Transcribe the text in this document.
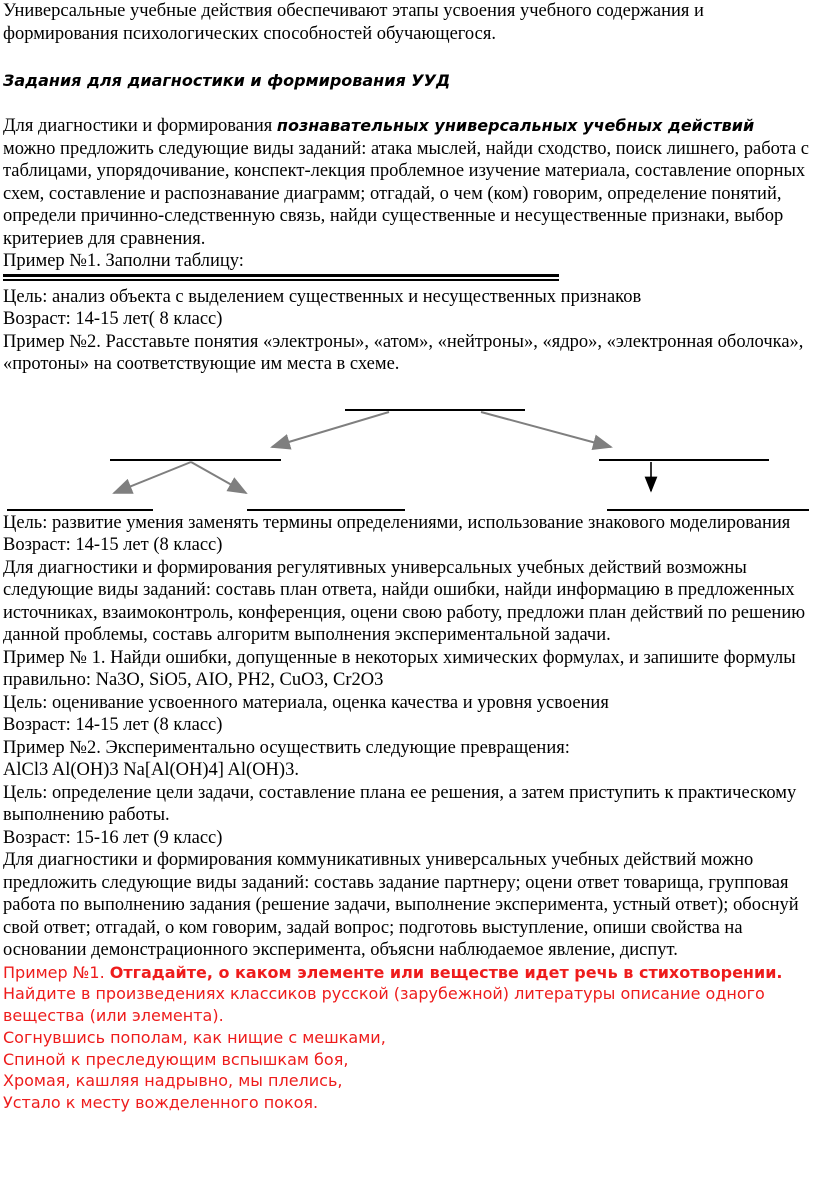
Универсальные учебные действия обеспечивают этапы усвоения учебного содержания и формирования психологических способностей обучающегося.

Задания для диагностики и формирования УУД

Для диагностики и формирования познавательных универсальных учебных действий можно предложить следующие виды заданий: атака мыслей, найди сходство, поиск лишнего, работа с таблицами, упорядочивание, конспект-лекция проблемное изучение материала, составление опорных схем, составление и распознавание диаграмм; отгадай, о чем (ком) говорим, определение понятий, определи причинно-следственную связь, найди существенные и несущественные признаки, выбор критериев для сравнения.

Пример №1. Заполни таблицу:

Цель: анализ объекта с выделением существенных и несущественных признаков

Возраст: 14-15 лет( 8 класс)

Пример №2. Расставьте понятия «электроны», «атом», «нейтроны», «ядро», «электронная оболочка», «протоны» на соответствующие им места в схеме.

Цель: развитие умения заменять термины определениями, использование знакового моделирования

Возраст: 14-15 лет (8 класс)

Для диагностики и формирования регулятивных универсальных учебных действий возможны следующие виды заданий: составь план ответа, найди ошибки, найди информацию в предложенных источниках, взаимоконтроль, конференция, оцени свою работу, предложи план действий по решению данной проблемы, составь алгоритм выполнения экспериментальной задачи.

Пример № 1. Найди ошибки, допущенные в некоторых химических формулах, и запишите формулы правильно: Na3O, SiO5, AIO, PH2, CuO3, Cr2O3

Цель: оценивание усвоенного материала, оценка качества и уровня усвоения

Возраст: 14-15 лет (8 класс)

Пример №2. Экспериментально осуществить следующие превращения:

AlCl3 Al(OH)3 Na[Al(OH)4] Al(OH)3.

Цель: определение цели задачи, составление плана ее решения, а затем приступить к практическому выполнению работы.

Возраст: 15-16 лет (9 класс)

Для диагностики и формирования коммуникативных универсальных учебных действий можно предложить следующие виды заданий: составь задание партнеру; оцени ответ товарища, групповая работа по выполнению задания (решение задачи, выполнение эксперимента, устный ответ); обоснуй свой ответ; отгадай, о ком говорим, задай вопрос; подготовь выступление, опиши свойства на основании демонстрационного эксперимента, объясни наблюдаемое явление, диспут.

Пример №1. Отгадайте, о каком элементе или веществе идет речь в стихотворении. Найдите в произведениях классиков русской (зарубежной) литературы описание одного вещества (или элемента).

Согнувшись пополам, как нищие с мешками,

Спиной к преследующим вспышкам боя,

Хромая, кашляя надрывно, мы плелись,

Устало к месту вожделенного покоя.
